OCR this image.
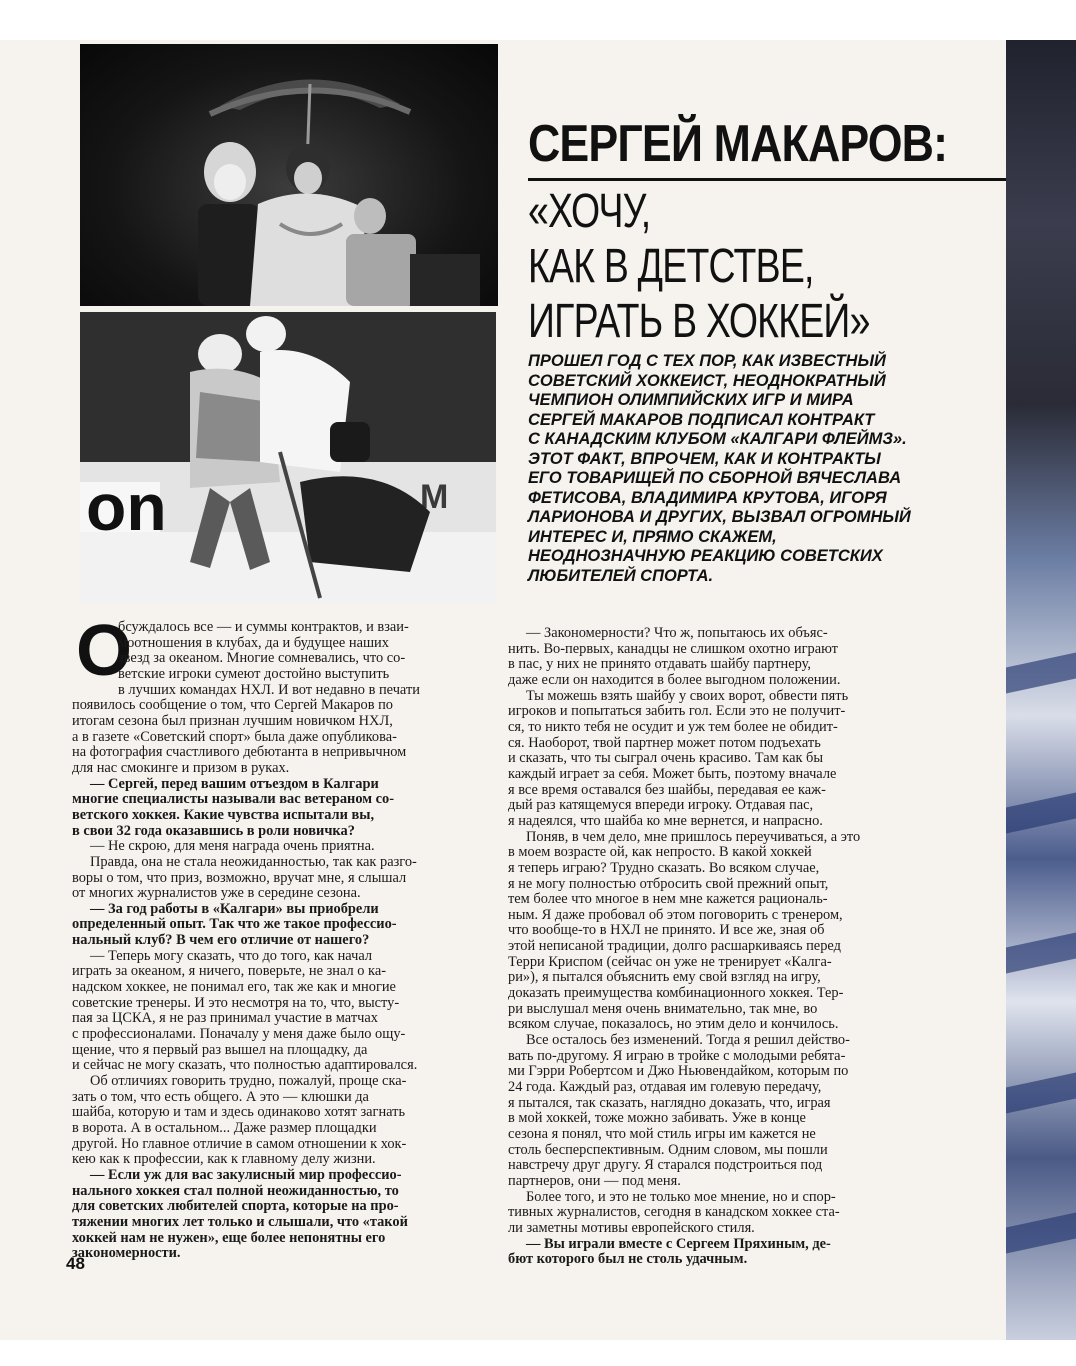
on	M
СЕРГЕЙ МАКАРОВ:
«ХОЧУ,
КАК В ДЕТСТВЕ,
ИГРАТЬ В ХОККЕЙ»
ПРОШЕЛ ГОД С ТЕХ ПОР, КАК ИЗВЕСТНЫЙ
СОВЕТСКИЙ ХОККЕИСТ, НЕОДНОКРАТНЫЙ
ЧЕМПИОН ОЛИМПИЙСКИХ ИГР И МИРА
СЕРГЕЙ МАКАРОВ ПОДПИСАЛ КОНТРАКТ
С КАНАДСКИМ КЛУБОМ «КАЛГАРИ ФЛЕЙМЗ».
ЭТОТ ФАКТ, ВПРОЧЕМ, КАК И КОНТРАКТЫ
ЕГО ТОВАРИЩЕЙ ПО СБОРНОЙ ВЯЧЕСЛАВА
ФЕТИСОВА, ВЛАДИМИРА КРУТОВА, ИГОРЯ
ЛАРИОНОВА И ДРУГИХ, ВЫЗВАЛ ОГРОМНЫЙ
ИНТЕРЕС И, ПРЯМО СКАЖЕМ,
НЕОДНОЗНАЧНУЮ РЕАКЦИЮ СОВЕТСКИХ
ЛЮБИТЕЛЕЙ СПОРТА.
О
бсуждалось все — и суммы контрактов, и взаи-
моотношения в клубах, да и будущее наших
звезд за океаном. Многие сомневались, что со-
ветские игроки сумеют достойно выступить
в лучших командах НХЛ. И вот недавно в печати
появилось сообщение о том, что Сергей Макаров по
итогам сезона был признан лучшим новичком НХЛ,
а в газете «Советский спорт» была даже опубликова-
на фотография счастливого дебютанта в непривычном
для нас смокинге и призом в руках.
— Сергей, перед вашим отъездом в Калгари
многие специалисты называли вас ветераном со-
ветского хоккея. Какие чувства испытали вы,
в свои 32 года оказавшись в роли новичка?
— Не скрою, для меня награда очень приятна.
Правда, она не стала неожиданностью, так как разго-
воры о том, что приз, возможно, вручат мне, я слышал
от многих журналистов уже в середине сезона.
— За год работы в «Калгари» вы приобрели
определенный опыт. Так что же такое профессио-
нальный клуб? В чем его отличие от нашего?
— Теперь могу сказать, что до того, как начал
играть за океаном, я ничего, поверьте, не знал о ка-
надском хоккее, не понимал его, так же как и многие
советские тренеры. И это несмотря на то, что, высту-
пая за ЦСКА, я не раз принимал участие в матчах
с профессионалами. Поначалу у меня даже было ощу-
щение, что я первый раз вышел на площадку, да
и сейчас не могу сказать, что полностью адаптировался.
Об отличиях говорить трудно, пожалуй, проще ска-
зать о том, что есть общего. А это — клюшки да
шайба, которую и там и здесь одинаково хотят загнать
в ворота. А в остальном... Даже размер площадки
другой. Но главное отличие в самом отношении к хок-
кею как к профессии, как к главному делу жизни.
— Если уж для вас закулисный мир профессио-
нального хоккея стал полной неожиданностью, то
для советских любителей спорта, которые на про-
тяжении многих лет только и слышали, что «такой
хоккей нам не нужен», еще более непонятны его
закономерности.
— Закономерности? Что ж, попытаюсь их объяс-
нить. Во-первых, канадцы не слишком охотно играют
в пас, у них не принято отдавать шайбу партнеру,
даже если он находится в более выгодном положении.
Ты можешь взять шайбу у своих ворот, обвести пять
игроков и попытаться забить гол. Если это не получит-
ся, то никто тебя не осудит и уж тем более не обидит-
ся. Наоборот, твой партнер может потом подъехать
и сказать, что ты сыграл очень красиво. Там как бы
каждый играет за себя. Может быть, поэтому вначале
я все время оставался без шайбы, передавая ее каж-
дый раз катящемуся впереди игроку. Отдавая пас,
я надеялся, что шайба ко мне вернется, и напрасно.
Поняв, в чем дело, мне пришлось переучиваться, а это
в моем возрасте ой, как непросто. В какой хоккей
я теперь играю? Трудно сказать. Во всяком случае,
я не могу полностью отбросить свой прежний опыт,
тем более что многое в нем мне кажется рациональ-
ным. Я даже пробовал об этом поговорить с тренером,
что вообще-то в НХЛ не принято. И все же, зная об
этой неписаной традиции, долго расшаркиваясь перед
Терри Криспом (сейчас он уже не тренирует «Калга-
ри»), я пытался объяснить ему свой взгляд на игру,
доказать преимущества комбинационного хоккея. Тер-
ри выслушал меня очень внимательно, так мне, во
всяком случае, показалось, но этим дело и кончилось.
Все осталось без изменений. Тогда я решил действо-
вать по-другому. Я играю в тройке с молодыми ребята-
ми Гэрри Робертсом и Джо Ньювендайком, которым по
24 года. Каждый раз, отдавая им голевую передачу,
я пытался, так сказать, наглядно доказать, что, играя
в мой хоккей, тоже можно забивать. Уже в конце
сезона я понял, что мой стиль игры им кажется не
столь бесперспективным. Одним словом, мы пошли
навстречу друг другу. Я старался подстроиться под
партнеров, они — под меня.
Более того, и это не только мое мнение, но и спор-
тивных журналистов, сегодня в канадском хоккее ста-
ли заметны мотивы европейского стиля.
— Вы играли вместе с Сергеем Пряхиным, де-
бют которого был не столь удачным.
48
